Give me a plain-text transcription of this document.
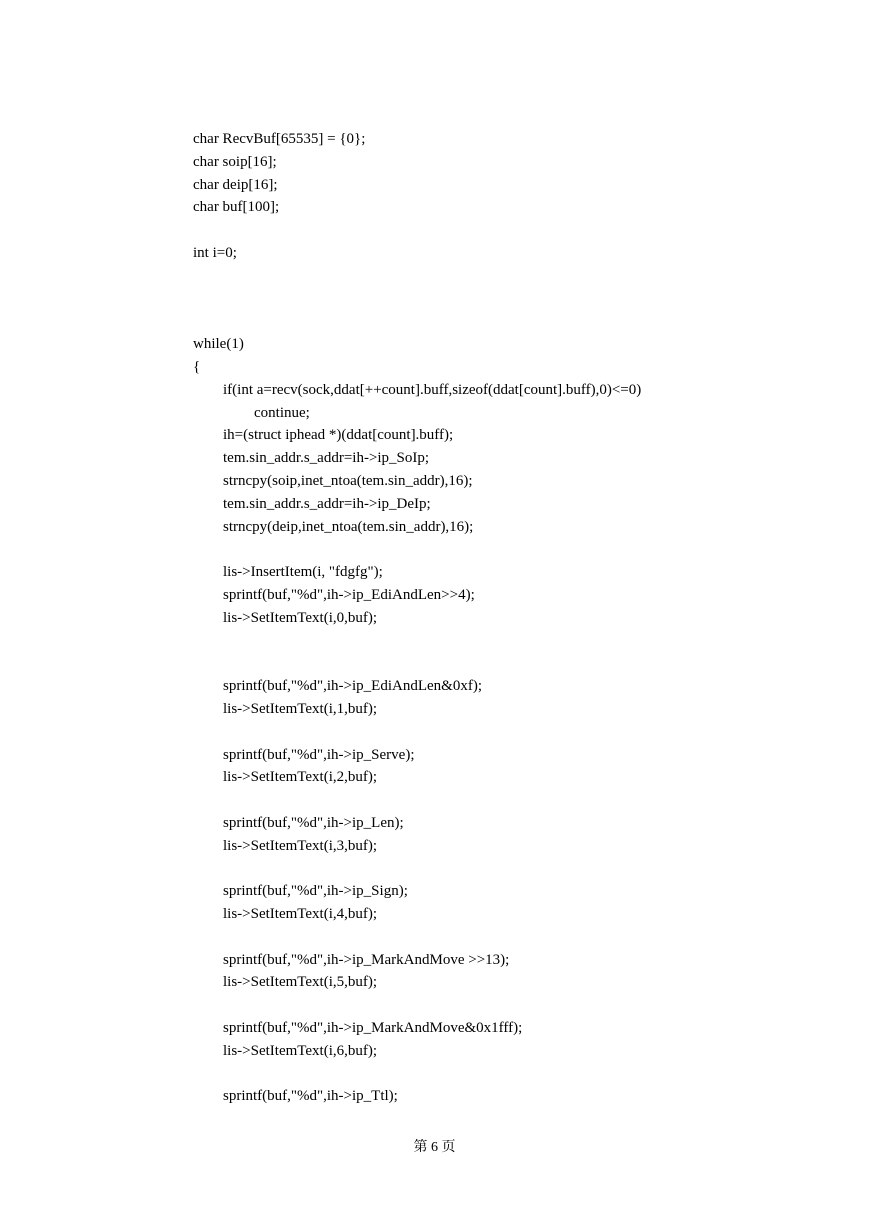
char RecvBuf[65535] = {0};
char soip[16];
char deip[16];
char buf[100];
int i=0;
while(1)
{
if(int a=recv(sock,ddat[++count].buff,sizeof(ddat[count].buff),0)<=0)
continue;
ih=(struct iphead *)(ddat[count].buff);
tem.sin_addr.s_addr=ih->ip_SoIp;
strncpy(soip,inet_ntoa(tem.sin_addr),16);
tem.sin_addr.s_addr=ih->ip_DeIp;
strncpy(deip,inet_ntoa(tem.sin_addr),16);
lis->InsertItem(i, "fdgfg");
sprintf(buf,"%d",ih->ip_EdiAndLen>>4);
lis->SetItemText(i,0,buf);
sprintf(buf,"%d",ih->ip_EdiAndLen&0xf);
lis->SetItemText(i,1,buf);
sprintf(buf,"%d",ih->ip_Serve);
lis->SetItemText(i,2,buf);
sprintf(buf,"%d",ih->ip_Len);
lis->SetItemText(i,3,buf);
sprintf(buf,"%d",ih->ip_Sign);
lis->SetItemText(i,4,buf);
sprintf(buf,"%d",ih->ip_MarkAndMove >>13);
lis->SetItemText(i,5,buf);
sprintf(buf,"%d",ih->ip_MarkAndMove&0x1fff);
lis->SetItemText(i,6,buf);
sprintf(buf,"%d",ih->ip_Ttl);
第 6 页
